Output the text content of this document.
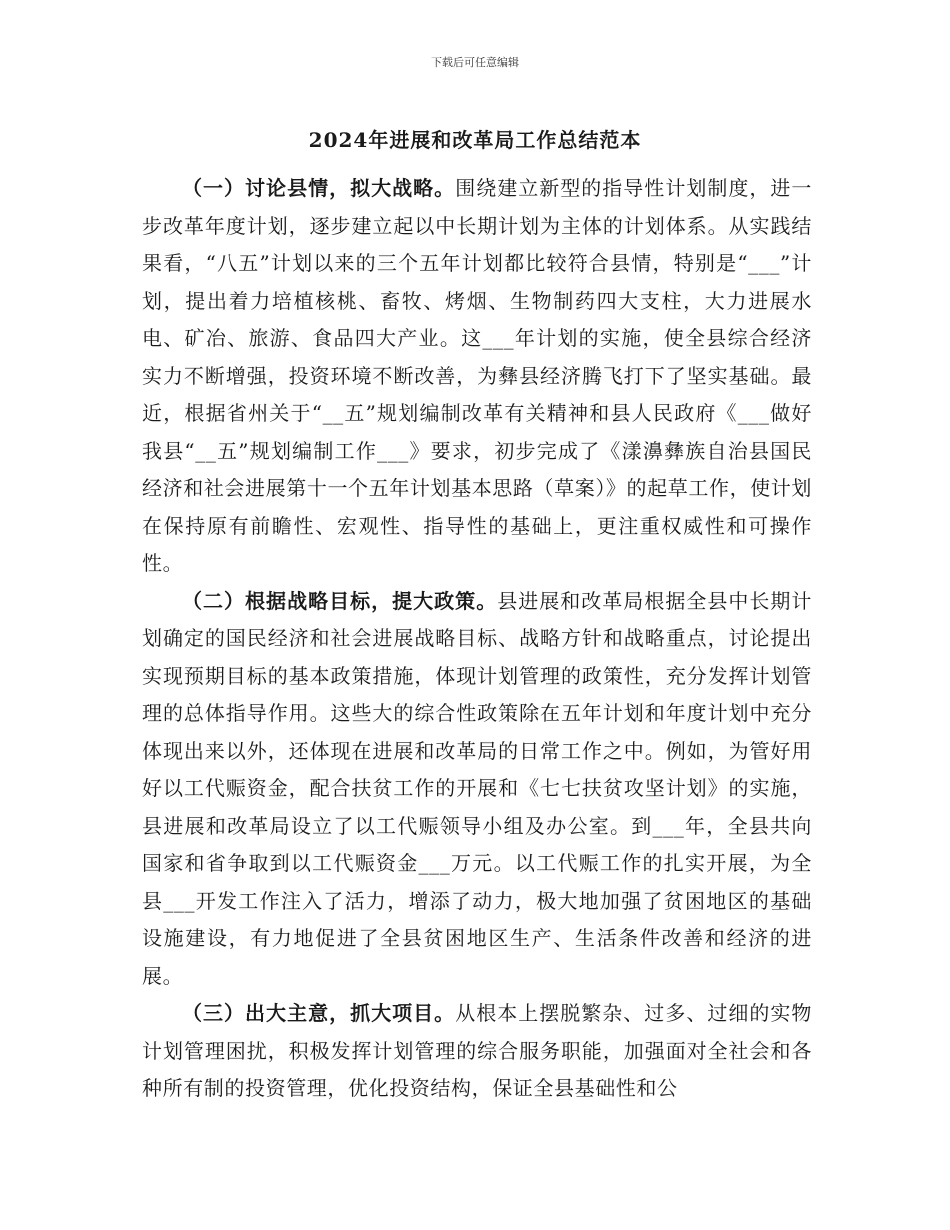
下载后可任意编辑
2024年进展和改革局工作总结范本

（一）讨论县情，拟大战略。围绕建立新型的指导性计划制度，进一步改革年度计划，逐步建立起以中长期计划为主体的计划体系。从实践结果看，“八五”计划以来的三个五年计划都比较符合县情，特别是“___”计划，提出着力培植核桃、畜牧、烤烟、生物制药四大支柱，大力进展水电、矿冶、旅游、食品四大产业。这___年计划的实施，使全县综合经济实力不断增强，投资环境不断改善，为彝县经济腾飞打下了坚实基础。最近，根据省州关于“__五”规划编制改革有关精神和县人民政府《___做好我县“__五”规划编制工作___》要求，初步完成了《漾濞彝族自治县国民经济和社会进展第十一个五年计划基本思路（草案）》的起草工作，使计划在保持原有前瞻性、宏观性、指导性的基础上，更注重权威性和可操作性。

（二）根据战略目标，提大政策。县进展和改革局根据全县中长期计划确定的国民经济和社会进展战略目标、战略方针和战略重点，讨论提出实现预期目标的基本政策措施，体现计划管理的政策性，充分发挥计划管理的总体指导作用。这些大的综合性政策除在五年计划和年度计划中充分体现出来以外，还体现在进展和改革局的日常工作之中。例如，为管好用好以工代赈资金，配合扶贫工作的开展和《七七扶贫攻坚计划》的实施，县进展和改革局设立了以工代赈领导小组及办公室。到___年，全县共向国家和省争取到以工代赈资金___万元。以工代赈工作的扎实开展，为全县___开发工作注入了活力，增添了动力，极大地加强了贫困地区的基础设施建设，有力地促进了全县贫困地区生产、生活条件改善和经济的进展。

（三）出大主意，抓大项目。从根本上摆脱繁杂、过多、过细的实物计划管理困扰，积极发挥计划管理的综合服务职能，加强面对全社会和各种所有制的投资管理，优化投资结构，保证全县基础性和公
